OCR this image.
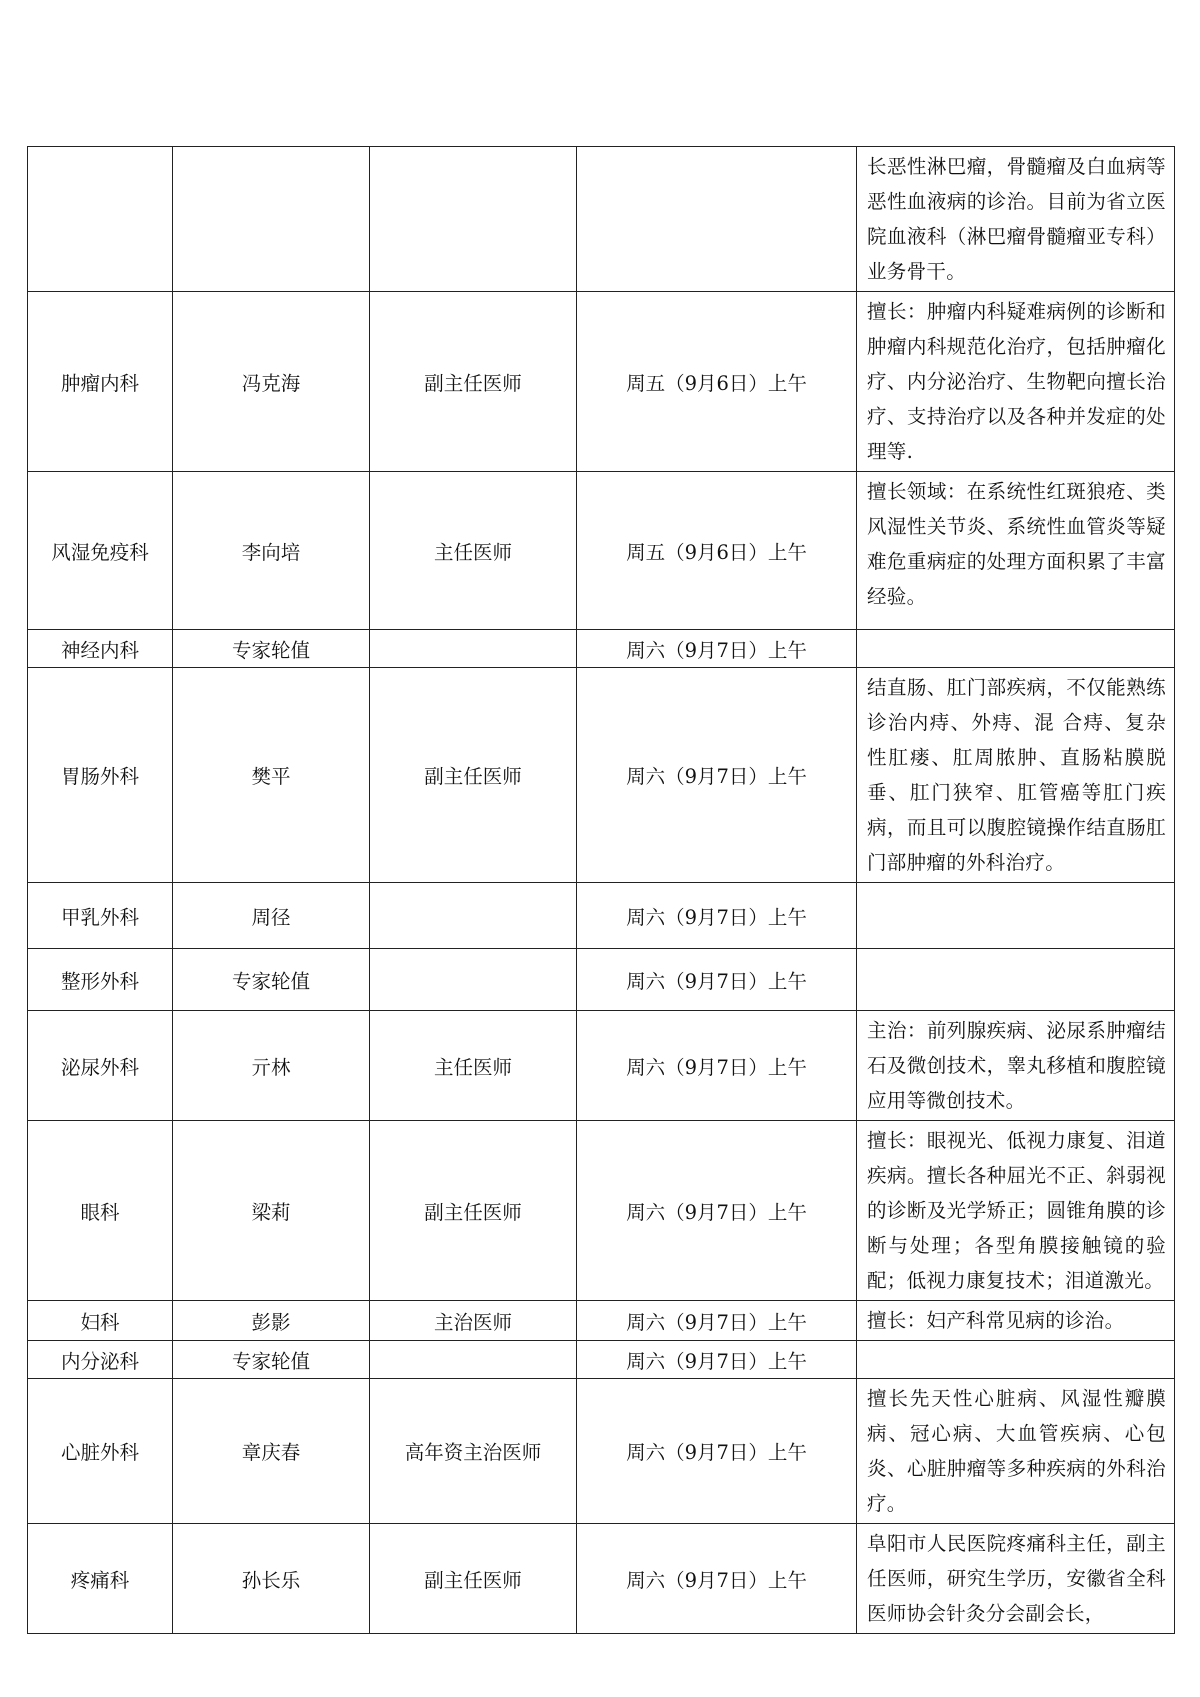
				长恶性淋巴瘤，骨髓瘤及白血病等恶性血液病的诊治。目前为省立医院血液科（淋巴瘤骨髓瘤亚专科）业务骨干。
肿瘤内科	冯克海	副主任医师	周五（9月6日）上午	擅长：肿瘤内科疑难病例的诊断和肿瘤内科规范化治疗，包括肿瘤化疗、内分泌治疗、生物靶向擅长治疗、支持治疗以及各种并发症的处理等.
风湿免疫科	李向培	主任医师	周五（9月6日）上午	擅长领域：在系统性红斑狼疮、类风湿性关节炎、系统性血管炎等疑难危重病症的处理方面积累了丰富经验。
神经内科	专家轮值		周六（9月7日）上午	
胃肠外科	樊平	副主任医师	周六（9月7日）上午	结直肠、肛门部疾病，不仅能熟练诊治内痔、外痔、混 合痔、复杂性肛瘘、肛周脓肿、直肠粘膜脱垂、肛门狭窄、肛管癌等肛门疾病，而且可以腹腔镜操作结直肠肛门部肿瘤的外科治疗。
甲乳外科	周径		周六（9月7日）上午	
整形外科	专家轮值		周六（9月7日）上午	
泌尿外科	亓林	主任医师	周六（9月7日）上午	主治：前列腺疾病、泌尿系肿瘤结石及微创技术，睾丸移植和腹腔镜应用等微创技术。
眼科	梁莉	副主任医师	周六（9月7日）上午	擅长：眼视光、低视力康复、泪道疾病。擅长各种屈光不正、斜弱视的诊断及光学矫正；圆锥角膜的诊断与处理；各型角膜接触镜的验配；低视力康复技术；泪道激光。
妇科	彭影	主治医师	周六（9月7日）上午	擅长：妇产科常见病的诊治。
内分泌科	专家轮值		周六（9月7日）上午	
心脏外科	章庆春	高年资主治医师	周六（9月7日）上午	擅长先天性心脏病、风湿性瓣膜病、冠心病、大血管疾病、心包炎、心脏肿瘤等多种疾病的外科治疗。
疼痛科	孙长乐	副主任医师	周六（9月7日）上午	阜阳市人民医院疼痛科主任，副主任医师，研究生学历，安徽省全科医师协会针灸分会副会长，
